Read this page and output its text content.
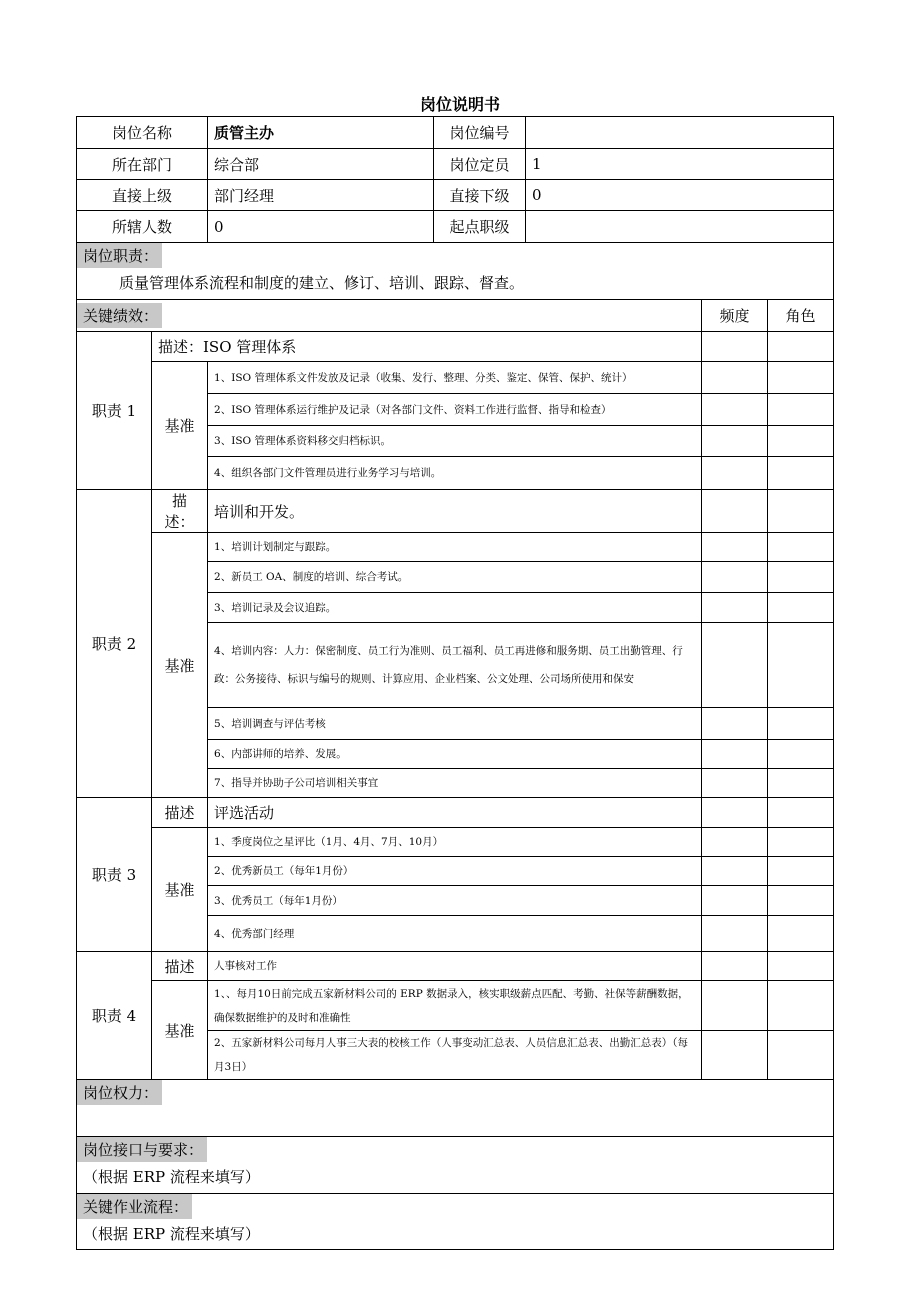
岗位说明书
岗位名称		质管主办	岗位编号			
所在部门		综合部	岗位定员	1		
直接上级		部门经理	直接下级	0		
所辖人数		0	起点职级			
岗位职责：
质量管理体系流程和制度的建立、修订、培训、跟踪、督查。						

关键绩效：					频度	角色
职责 1	描述：ISO 管理体系					
	基准	1、ISO 管理体系文件发放及记录（收集、发行、整理、分类、鉴定、保管、保护、统计）				
		2、ISO 管理体系运行维护及记录（对各部门文件、资料工作进行监督、指导和检查）				
		3、ISO 管理体系资料移交归档标识。				
		4、组织各部门文件管理员进行业务学习与培训。				
职责 2	描述：	培训和开发。				
	基准	1、培训计划制定与跟踪。				
		2、新员工 OA、制度的培训、综合考试。				
		3、培训记录及会议追踪。				
		4、培训内容：人力：保密制度、员工行为准则、员工福利、员工再进修和服务期、员工出勤管理、行政：公务接待、标识与编号的规则、计算应用、企业档案、公文处理、公司场所使用和保安				
		5、培训调查与评估考核				
		6、内部讲师的培养、发展。				
		7、指导并协助子公司培训相关事宜				
职责 3	描述	评选活动				
	基准	1、季度岗位之星评比（1月、4月、7月、10月）				
		2、优秀新员工（每年1月份）				
		3、优秀员工（每年1月份）				
		4、优秀部门经理				
职责 4	描述	人事核对工作				
	基准	1、、每月10日前完成五家新材料公司的 ERP 数据录入，核实职级薪点匹配、考勤、社保等薪酬数据，确保数据维护的及时和准确性				
		2、五家新材料公司每月人事三大表的校核工作（人事变动汇总表、人员信息汇总表、出勤汇总表）（每月3日）				
岗位权力：						

岗位接口与要求：
（根据 ERP 流程来填写）						

关键作业流程：
（根据 ERP 流程来填写）						
